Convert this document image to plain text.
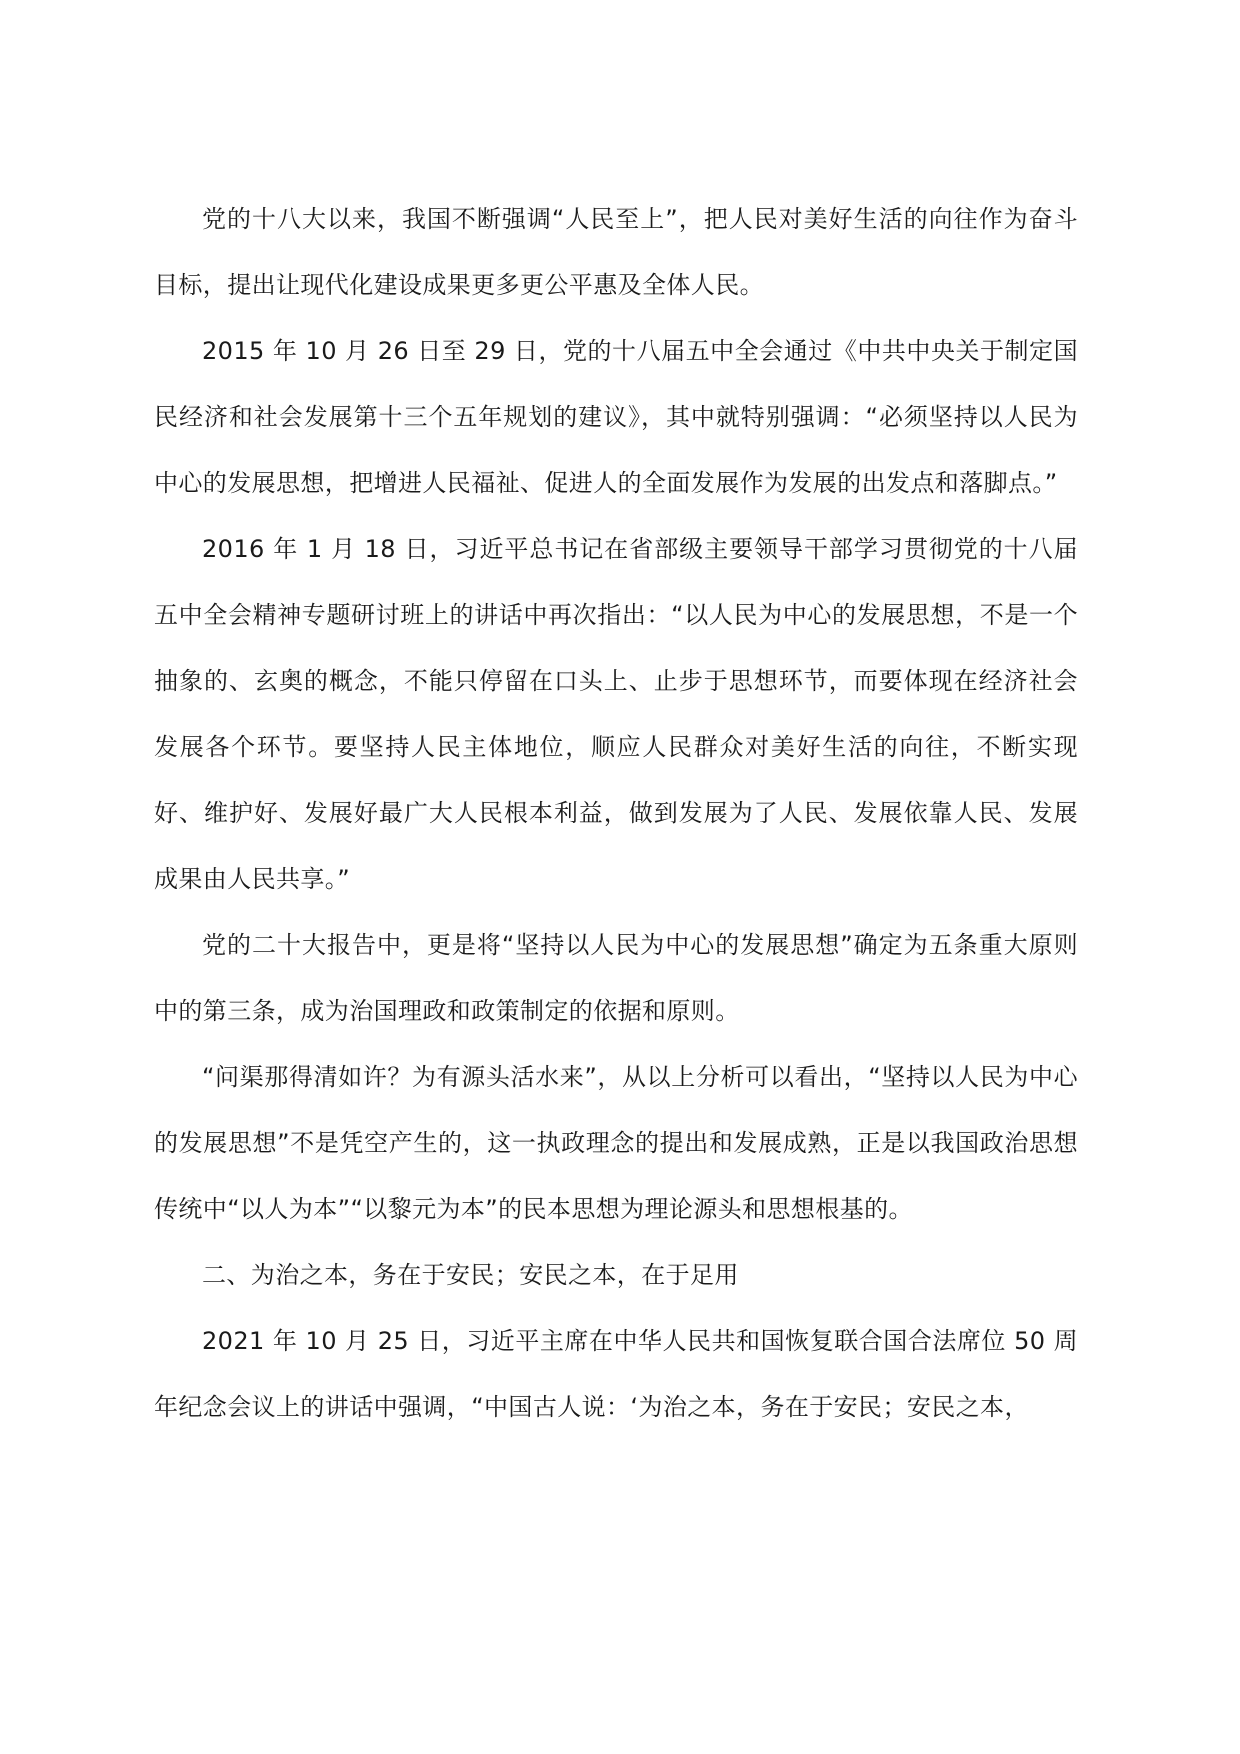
党的十八大以来，我国不断强调“人民至上”，把人民对美好生活的向往作为奋斗目标，提出让现代化建设成果更多更公平惠及全体人民。

2015 年 10 月 26 日至 29 日，党的十八届五中全会通过《中共中央关于制定国民经济和社会发展第十三个五年规划的建议》，其中就特别强调：“必须坚持以人民为中心的发展思想，把增进人民福祉、促进人的全面发展作为发展的出发点和落脚点。”

2016 年 1 月 18 日，习近平总书记在省部级主要领导干部学习贯彻党的十八届五中全会精神专题研讨班上的讲话中再次指出：“以人民为中心的发展思想，不是一个抽象的、玄奥的概念，不能只停留在口头上、止步于思想环节，而要体现在经济社会发展各个环节。要坚持人民主体地位，顺应人民群众对美好生活的向往，不断实现好、维护好、发展好最广大人民根本利益，做到发展为了人民、发展依靠人民、发展成果由人民共享。”

党的二十大报告中，更是将“坚持以人民为中心的发展思想”确定为五条重大原则中的第三条，成为治国理政和政策制定的依据和原则。

“问渠那得清如许？为有源头活水来”，从以上分析可以看出，“坚持以人民为中心的发展思想”不是凭空产生的，这一执政理念的提出和发展成熟，正是以我国政治思想传统中“以人为本”“以黎元为本”的民本思想为理论源头和思想根基的。

二、为治之本，务在于安民；安民之本，在于足用

2021 年 10 月 25 日，习近平主席在中华人民共和国恢复联合国合法席位 50 周年纪念会议上的讲话中强调，“中国古人说：‘为治之本，务在于安民；安民之本，
